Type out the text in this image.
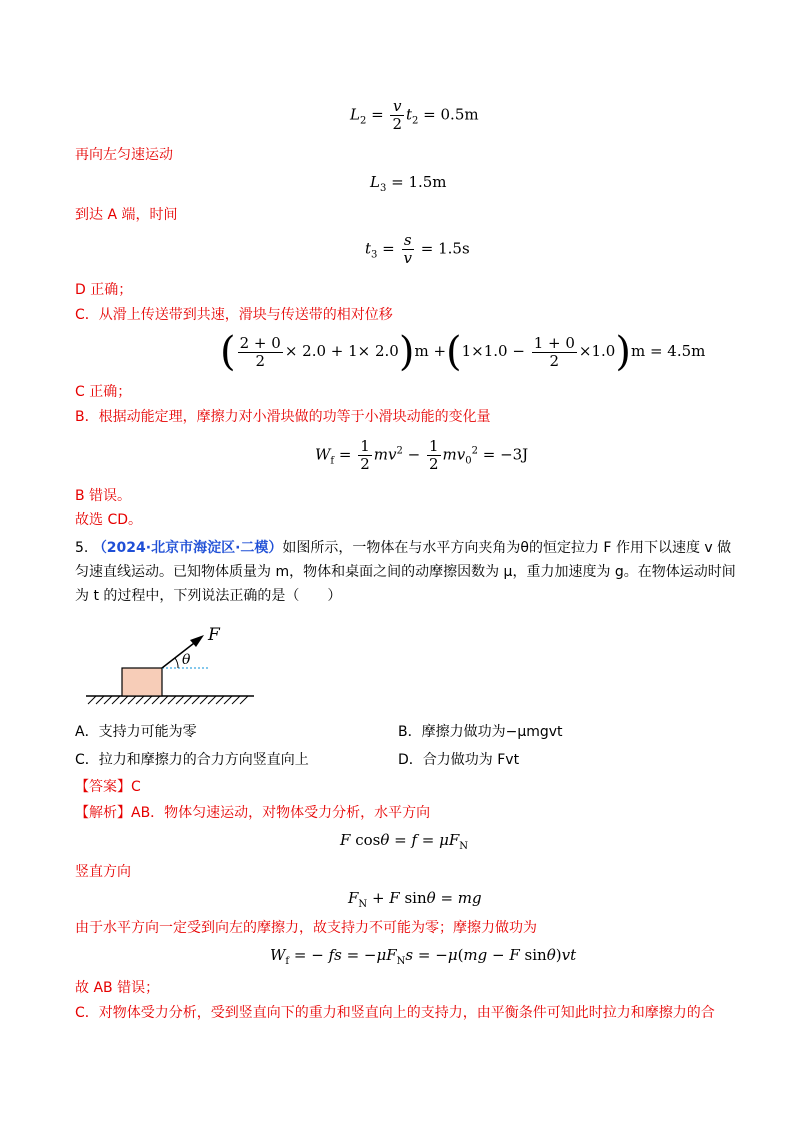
$L_2 = \frac{v}{2} t_2 = 0.5m$
再向左匀速运动
$L_3 = 1.5m$
到达 A 端，时间
$t_3 = \frac{s}{v} = 1.5s$
D 正确；
C．从滑上传送带到共速，滑块与传送带的相对位移
( $\frac{2 + 0}{2} \times 2.0 + 1\times 2.0)m +(1\times 1.0 - \frac{1 + 0}{2} \times 1.0)m = 4.5m$
C 正确；
B．根据动能定理，摩擦力对小滑块做的功等于小滑块动能的变化量
$W_f = \frac{1}{2} mv^2 - \frac{1}{2} mv_0^2 = -3J$
B 错误。
故选 CD。
5. （2024·北京市海淀区·二模）如图所示，一物体在与水平方向夹角为θ的恒定拉力 F 作用下以速度 v 做
匀速直线运动。已知物体质量为 m，物体和桌面之间的动摩擦因数为 μ，重力加速度为 g。在物体运动时间
为 t 的过程中，下列说法正确的是（　　）
F
θ
A．支持力可能为零	B．摩擦力做功为−μmgvt
C．拉力和摩擦力的合力方向竖直向上	D．合力做功为 Fvt
【答案】C
【解析】AB．物体匀速运动，对物体受力分析，水平方向
F $\cos\theta = f = \mu F_N$
竖直方向
$F_N + F$ sinθ = mg
由于水平方向一定受到向左的摩擦力，故支持力不可能为零；摩擦力做功为
$W_f$ = − fs = $-\mu F_Ns = -\mu(mg - F$ sinθ)vt
故 AB 错误；
C．对物体受力分析，受到竖直向下的重力和竖直向上的支持力，由平衡条件可知此时拉力和摩擦力的合
